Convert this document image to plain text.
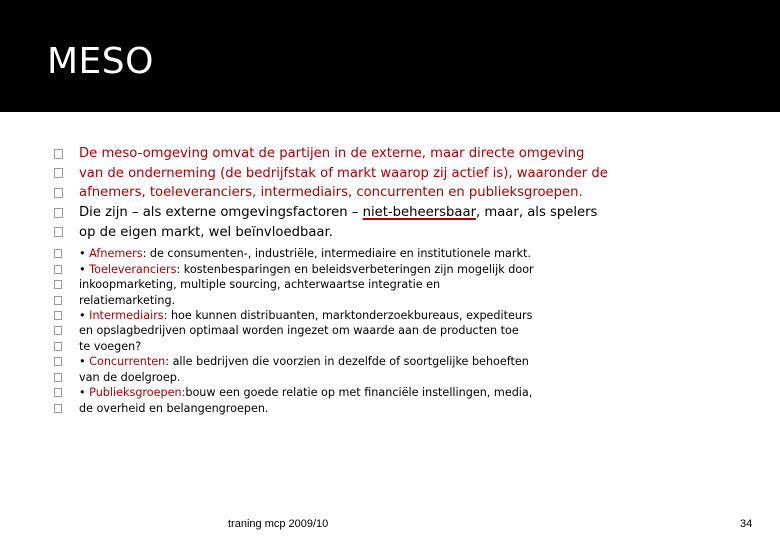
MESO
De meso-omgeving omvat de partijen in de externe, maar directe omgeving
van de onderneming (de bedrijfstak of markt waarop zij actief is), waaronder de
afnemers, toeleveranciers, intermediairs, concurrenten en publieksgroepen.
Die zijn – als externe omgevingsfactoren – niet-beheersbaar, maar, als spelers
op de eigen markt, wel beïnvloedbaar.
•
Afnemers : de consumenten-, industriële, intermediaire en institutionele markt.
•
Toeleveranciers : kostenbesparingen en beleidsverbeteringen zijn mogelijk door
inkoopmarketing, multiple sourcing, achterwaartse integratie en
relatiemarketing.
•
Intermediairs : hoe kunnen distribuanten, marktonderzoekbureaus, expediteurs
en opslagbedrijven optimaal worden ingezet om waarde aan de producten toe
te voegen?
•
Concurrenten : alle bedrijven die voorzien in dezelfde of soortgelijke behoeften
van de doelgroep.
•
Publieksgroepen: bouw een goede relatie op met financiële instellingen, media,
de overheid en belangengroepen.
traning mcp 2009/10	34
